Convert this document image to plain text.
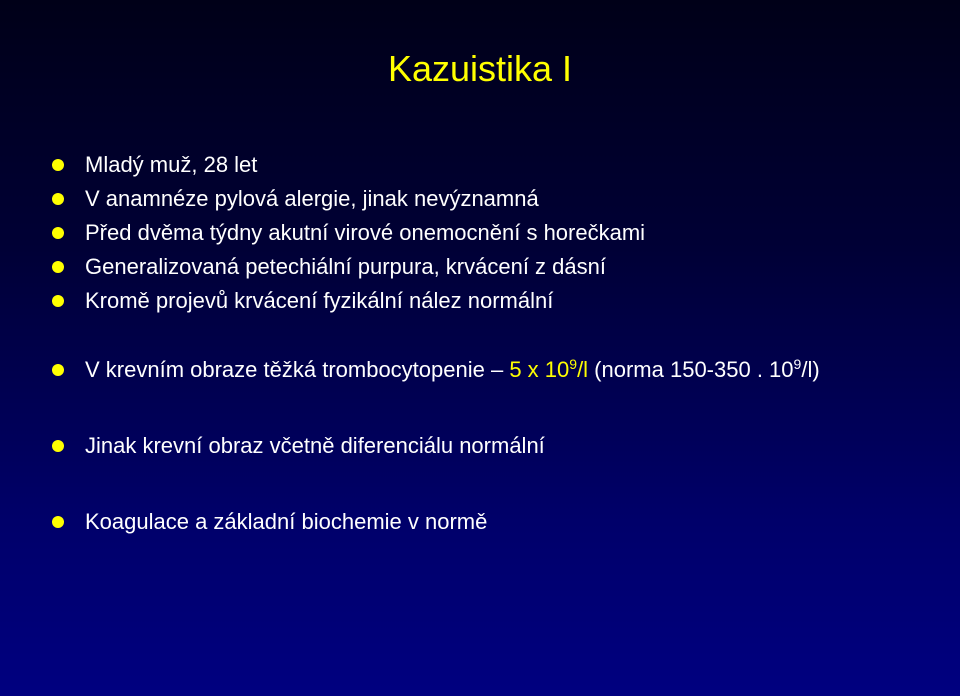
Kazuistika I
Mladý muž, 28 let
V anamnéze pylová alergie, jinak nevýznamná
Před dvěma týdny akutní virové onemocnění s horečkami
Generalizovaná petechiální purpura, krvácení z dásní
Kromě projevů krvácení fyzikální nález normální
V krevním obraze těžká trombocytopenie – 5 x $10^9/l$ (norma 150-350 . $10^9/l$)
Jinak krevní obraz včetně diferenciálu normální
Koagulace a základní biochemie v normě
